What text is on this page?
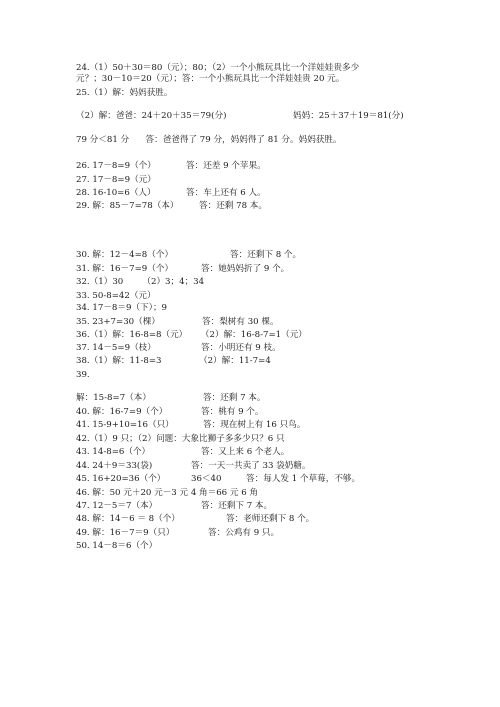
24.（1）50＋30＝80（元）；80；（2）一个小熊玩具比一个洋娃娃贵多少
元？；30－10＝20（元）；答：一个小熊玩具比一个洋娃娃贵 20 元。
25.（1）解：妈妈获胜。
（2）解：爸爸：24＋20＋35＝79(分)	妈妈：25＋37＋19＝81(分)
79 分＜81 分      答：爸爸得了 79 分，妈妈得了 81 分。妈妈获胜。
26. 17－8=9（个）	答：还差 9 个苹果。
27. 17－8=9（元）
28. 16-10=6（人）	答：车上还有 6 人。
29. 解：85－7=78（本） 答：还剩 78 本。
30. 解：12－4=8（个）	答：还剩下 8 个。
31. 解：16－7=9（个）	答：她妈妈折了 9 个。
32.（1）30       （2）3；4；34
33. 50-8=42（元）
34. 17－8＝9（下）；9
35. 23+7=30（棵）	答：梨树有 30 棵。
36.（1）解：16-8=8（元）     （2）解：16-8-7=1（元）
37. 14－5=9（枝）	答：小明还有 9 枝。
38.（1）解：11-8=3	（2）解：11-7=4
39.
解：15-8=7（本）	答：还剩 7 本。
40. 解：16-7=9（个）	答：桃有 9 个。
41. 15-9+10=16（只）	答：现在树上有 16 只鸟。
42.（1）9 只；（2）问题：大象比狮子多多少只？6 只
43. 14-8=6（个）	答：又上来 6 个老人。
44. 24＋9＝33(袋)	答：一天一共卖了 33 袋奶糖。
45. 16+20=36（个）	36＜40         答：每人发 1 个草莓，不够。
46. 解：50 元＋20 元－3 元 4 角＝66 元 6 角
47. 12－5＝7（本）	答：还剩下 7 本。
48. 解：14－6 ＝ 8（个）	答：老师还剩下 8 个。
49. 解：16－7＝9（只）	答：公鸡有 9 只。
50. 14－8＝6（个）
